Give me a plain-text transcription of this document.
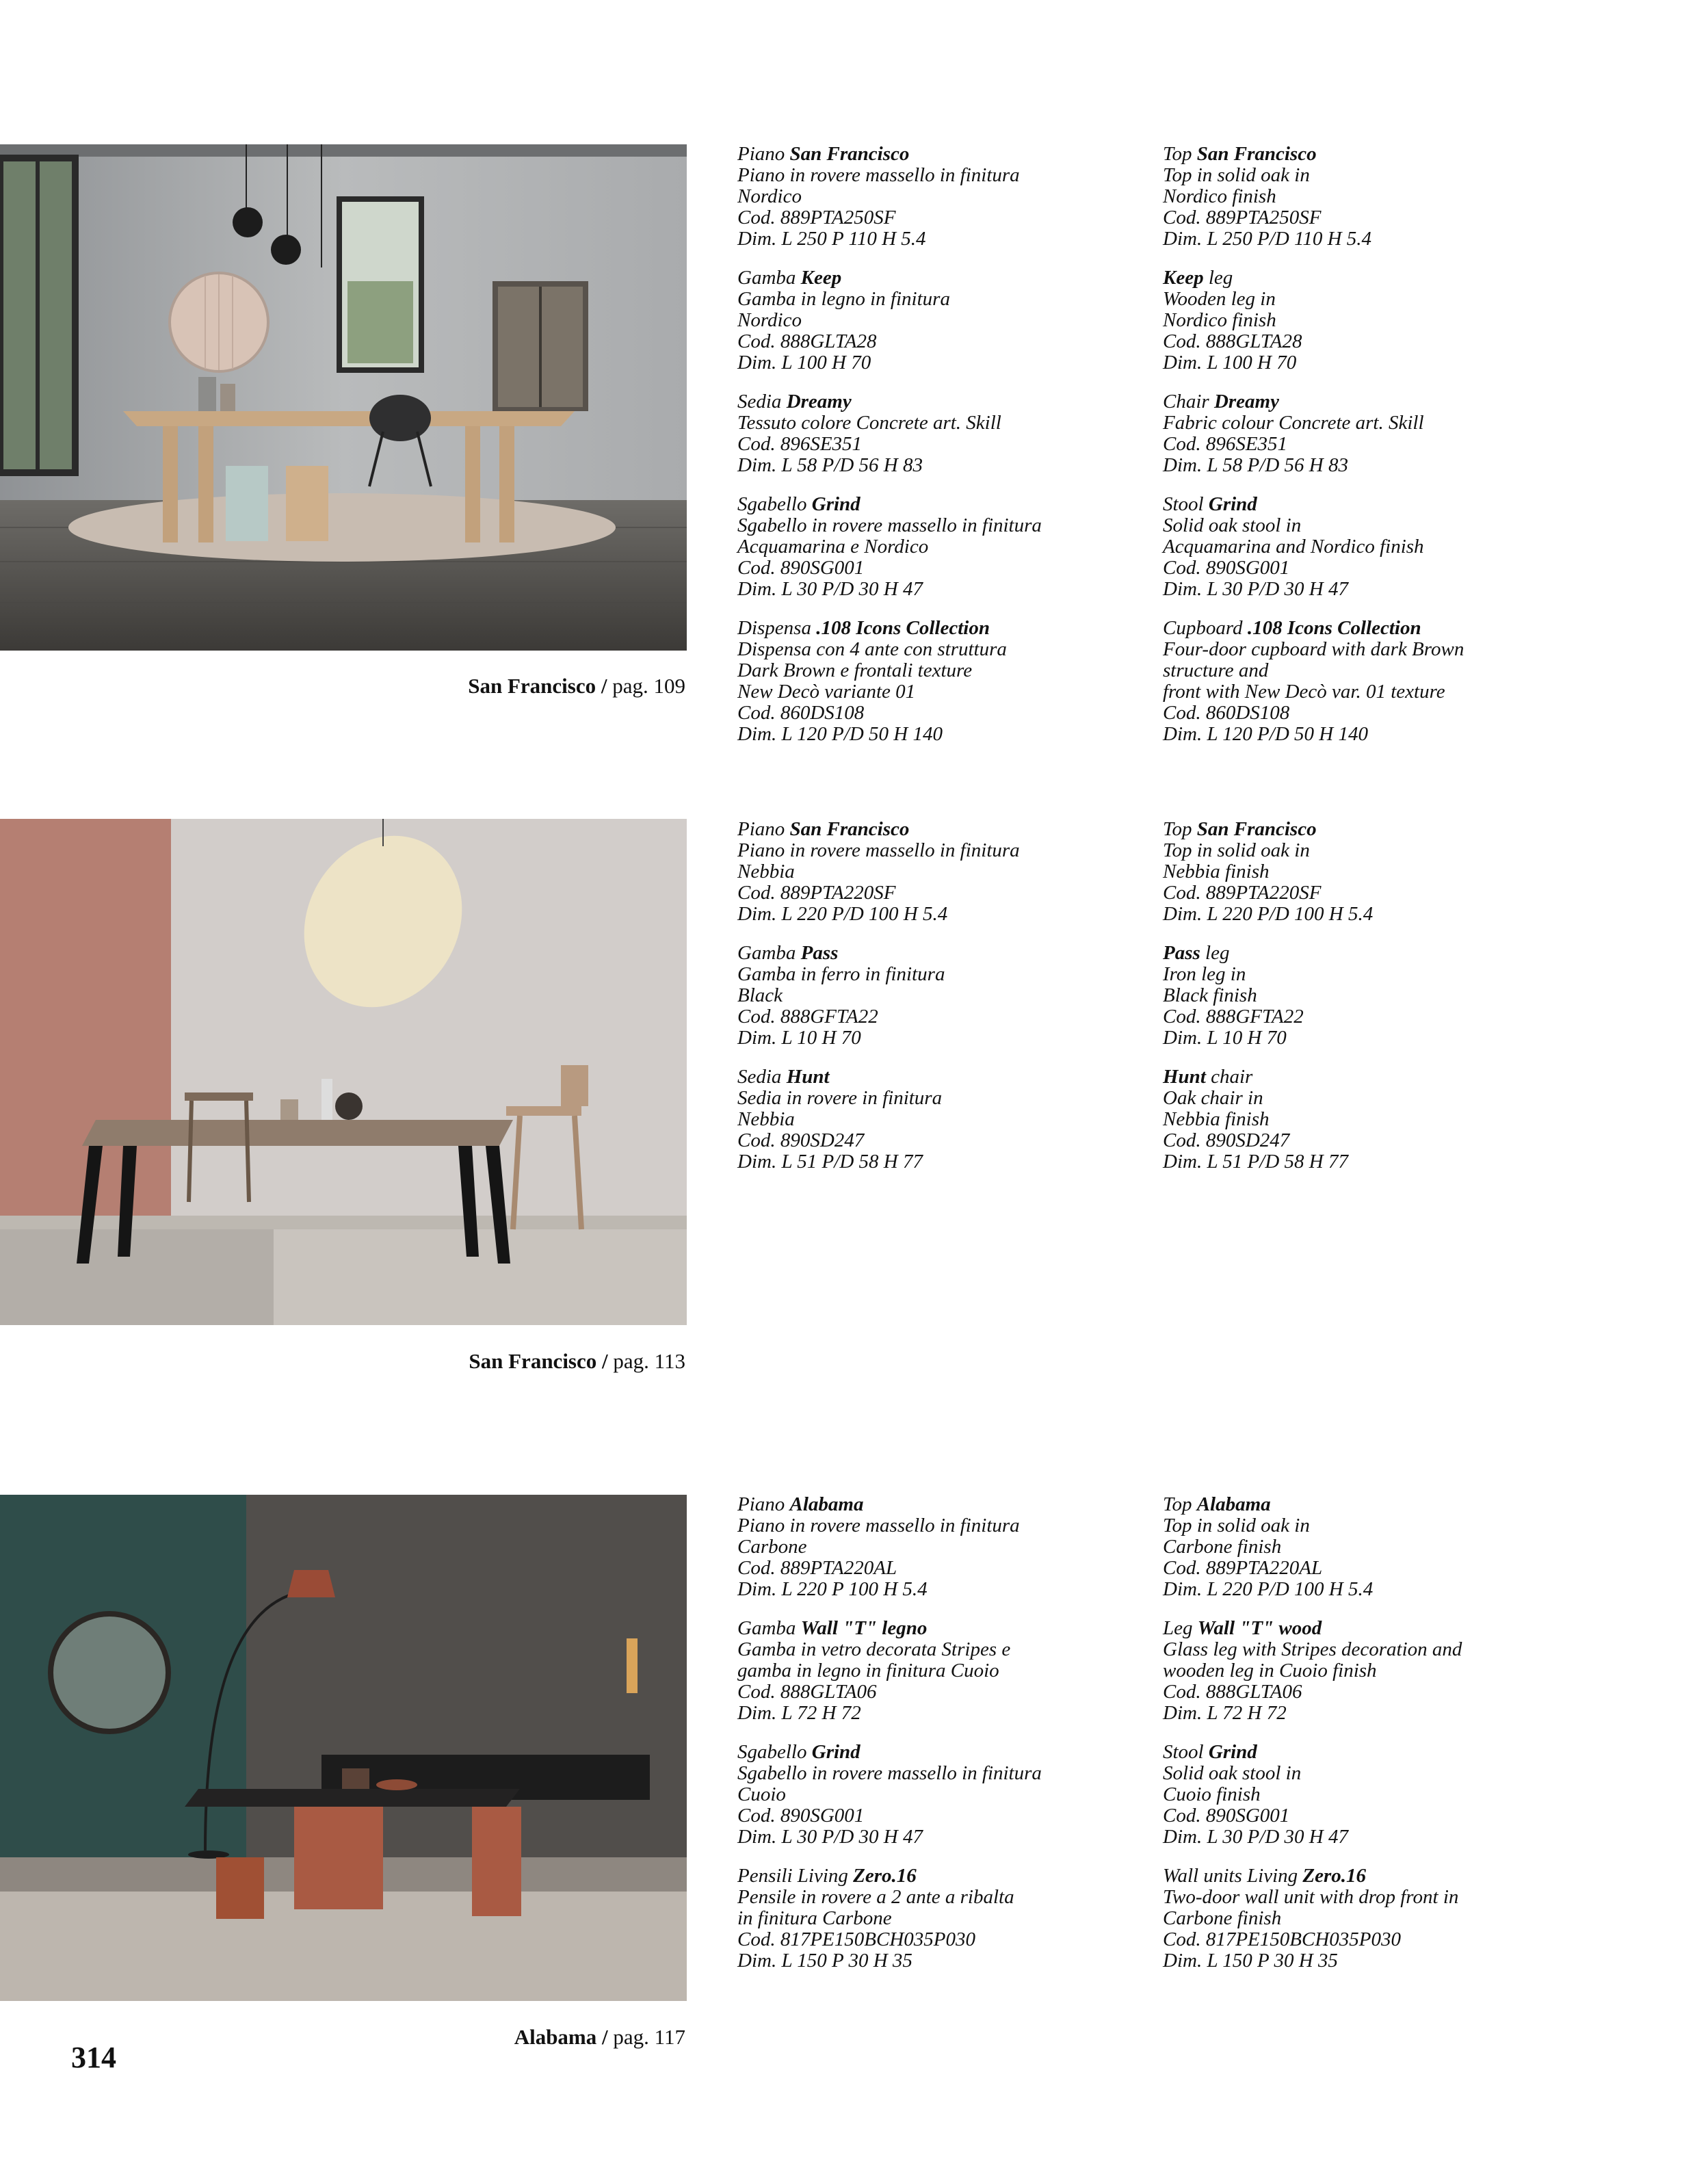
San Francisco / pag. 109
San Francisco / pag. 113
Alabama / pag. 117

Piano San Francisco

Piano in rovere massello in finitura

Nordico

Cod. 889PTA250SF

Dim. L 250 P 110 H 5.4

Gamba Keep

Gamba in legno in finitura

Nordico

Cod. 888GLTA28

Dim. L 100 H 70

Sedia Dreamy

Tessuto colore Concrete art. Skill

Cod. 896SE351

Dim. L 58 P/D 56 H 83

Sgabello Grind

Sgabello in rovere massello in finitura

Acquamarina e Nordico

Cod. 890SG001

Dim. L 30 P/D 30 H 47

Dispensa .108 Icons Collection

Dispensa con 4 ante con struttura

Dark Brown e frontali texture

New Decò variante 01

Cod. 860DS108

Dim. L 120 P/D 50 H 140

Top San Francisco

Top in solid oak in

Nordico finish

Cod. 889PTA250SF

Dim. L 250 P/D 110 H 5.4

Keep leg

Wooden leg in

Nordico finish

Cod. 888GLTA28

Dim. L 100 H 70

Chair Dreamy

Fabric colour Concrete art. Skill

Cod. 896SE351

Dim. L 58 P/D 56 H 83

Stool Grind

Solid oak stool in

Acquamarina and Nordico finish

Cod. 890SG001

Dim. L 30 P/D 30 H 47

Cupboard .108 Icons Collection

Four-door cupboard with dark Brown

structure and

front with New Decò var. 01 texture

Cod. 860DS108

Dim. L 120 P/D 50 H 140

Piano San Francisco

Piano in rovere massello in finitura

Nebbia

Cod. 889PTA220SF

Dim. L 220 P/D 100 H 5.4

Gamba Pass

Gamba in ferro in finitura

Black

Cod. 888GFTA22

Dim. L 10 H 70

Sedia Hunt

Sedia in rovere in finitura

Nebbia

Cod. 890SD247

Dim. L 51 P/D 58 H 77

Top San Francisco

Top in solid oak in

Nebbia finish

Cod. 889PTA220SF

Dim. L 220 P/D 100 H 5.4

Pass leg

Iron leg in

Black finish

Cod. 888GFTA22

Dim. L 10 H 70

Hunt chair

Oak chair in

Nebbia finish

Cod. 890SD247

Dim. L 51 P/D 58 H 77

Piano Alabama

Piano in rovere massello in finitura

Carbone

Cod. 889PTA220AL

Dim. L 220 P 100 H 5.4

Gamba Wall "T" legno

Gamba in vetro decorata Stripes e

gamba in legno in finitura Cuoio

Cod. 888GLTA06

Dim. L 72 H 72

Sgabello Grind

Sgabello in rovere massello in finitura

Cuoio

Cod. 890SG001

Dim. L 30 P/D 30 H 47

Pensili Living Zero.16

Pensile in rovere a 2 ante a ribalta

in finitura Carbone

Cod. 817PE150BCH035P030

Dim. L 150 P 30 H 35

Top Alabama

Top in solid oak in

Carbone finish

Cod. 889PTA220AL

Dim. L 220 P/D 100 H 5.4

Leg Wall "T" wood

Glass leg with Stripes decoration and

wooden leg in Cuoio finish

Cod. 888GLTA06

Dim. L 72 H 72

Stool Grind

Solid oak stool in

Cuoio finish

Cod. 890SG001

Dim. L 30 P/D 30 H 47

Wall units Living Zero.16

Two-door wall unit with drop front in

Carbone finish

Cod. 817PE150BCH035P030

Dim. L 150 P 30 H 35

314
